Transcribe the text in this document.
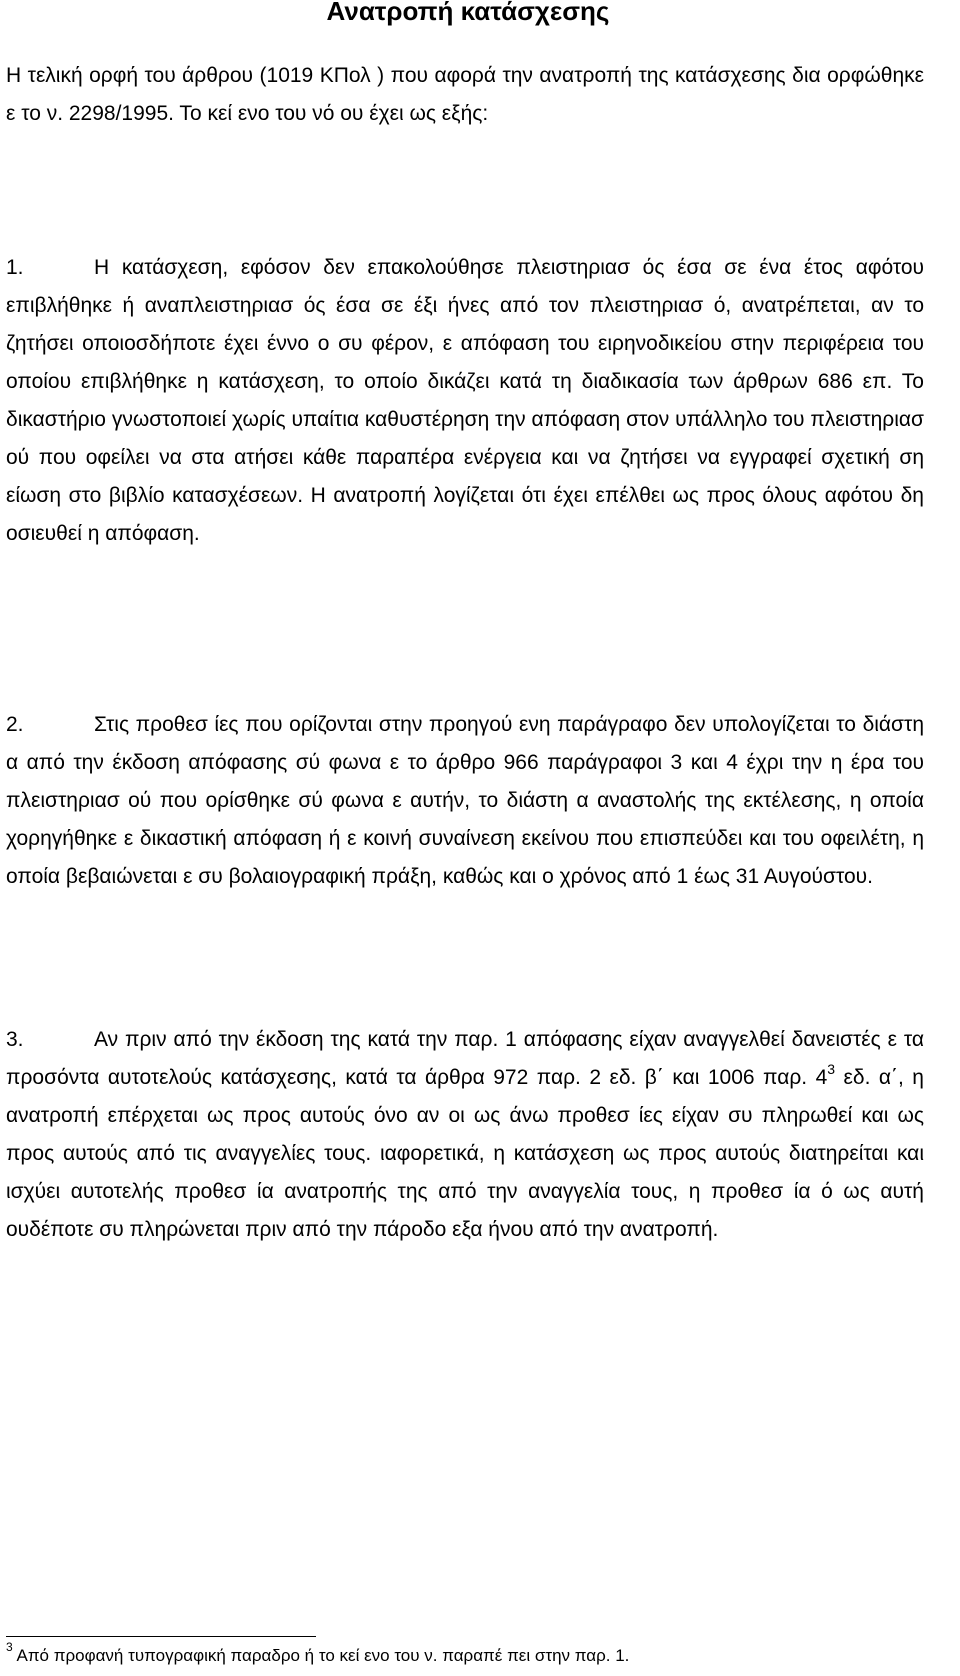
Ανατροπή κατάσχεσης

Η τελική ορφή του άρθρου (1019 ΚΠολ ) που αφορά την ανατροπή της κατάσχεσης δια ορφώθηκε ε το ν. 2298/1995. Το κεί ενο του νό ου έχει ως εξής:

1.	Η κατάσχεση, εφόσον δεν επακολούθησε πλειστηριασ ός έσα σε ένα έτος αφότου επιβλήθηκε ή αναπλειστηριασ ός έσα σε έξι ήνες από τον πλειστηριασ ό, ανατρέπεται, αν το ζητήσει οποιοσδήποτε έχει έννο ο συ φέρον, ε απόφαση του ειρηνοδικείου στην περιφέρεια του οποίου επιβλήθηκε η κατάσχεση, το οποίο δικάζει κατά τη διαδικασία των άρθρων 686 επ. Το δικαστήριο γνωστοποιεί χωρίς υπαίτια καθυστέρηση την απόφαση στον υπάλληλο του πλειστηριασ ού που οφείλει να στα ατήσει κάθε παραπέρα ενέργεια και να ζητήσει να εγγραφεί σχετική ση είωση στο βιβλίο κατασχέσεων. Η ανατροπή λογίζεται ότι έχει επέλθει ως προς όλους αφότου δη οσιευθεί η απόφαση.

2.	Στις προθεσ ίες που ορίζονται στην προηγού ενη παράγραφο δεν υπολογίζεται το διάστη α από την έκδοση απόφασης σύ φωνα ε το άρθρο 966 παράγραφοι 3 και 4 έχρι την η έρα του πλειστηριασ ού που ορίσθηκε σύ φωνα ε αυτήν, το διάστη α αναστολής της εκτέλεσης, η οποία χορηγήθηκε ε δικαστική απόφαση ή ε κοινή συναίνεση εκείνου που επισπεύδει και του οφειλέτη, η οποία βεβαιώνεται ε συ βολαιογραφική πράξη, καθώς και ο χρόνος από 1 έως 31 Αυγούστου.

3.	Αν πριν από την έκδοση της κατά την παρ. 1 απόφασης είχαν αναγγελθεί δανειστές ε τα προσόντα αυτοτελούς κατάσχεσης, κατά τα άρθρα 972 παρ. 2 εδ. β΄ και 1006 παρ. $4^3$ εδ. α΄, η ανατροπή επέρχεται ως προς αυτούς όνο αν οι ως άνω προθεσ ίες είχαν συ πληρωθεί και ως προς αυτούς από τις αναγγελίες τους. ιαφορετικά, η κατάσχεση ως προς αυτούς διατηρείται και ισχύει αυτοτελής προθεσ ία ανατροπής της από την αναγγελία τους, η προθεσ ία ό ως αυτή ουδέποτε συ πληρώνεται πριν από την πάροδο εξα ήνου από την ανατροπή.

$^3$ Από προφανή τυπογραφική παραδρο ή το κεί ενο του ν. παραπέ πει στην παρ. 1.
